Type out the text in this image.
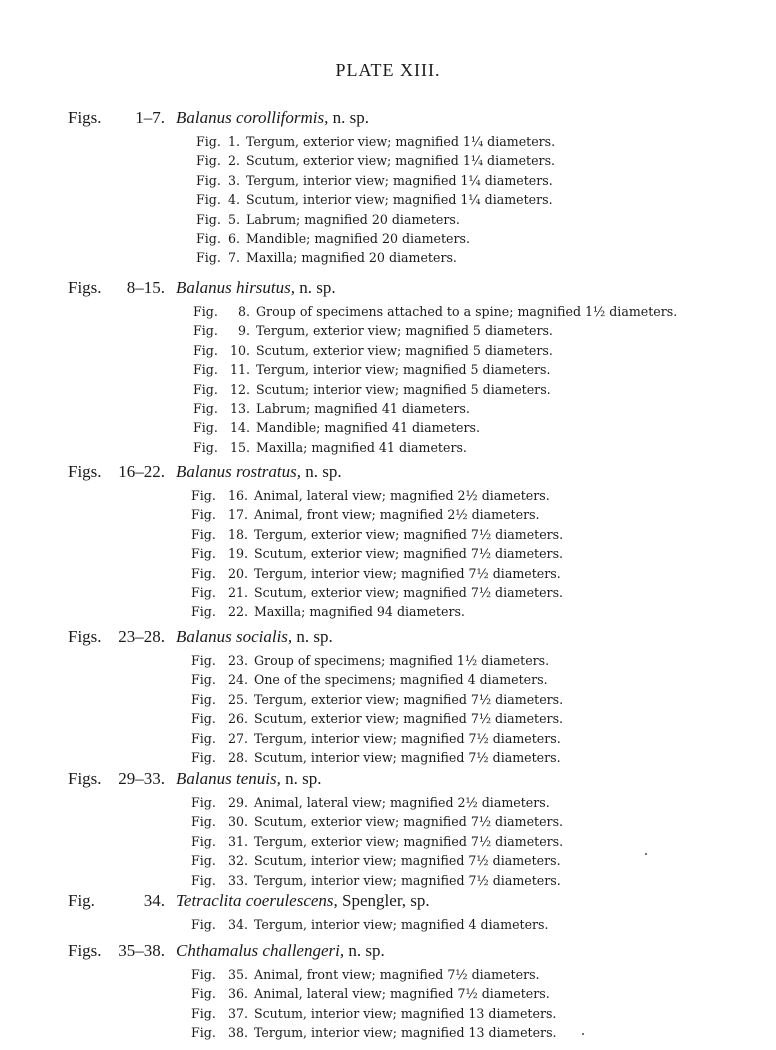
PLATE XIII.
Figs. 1–7. Balanus corolliformis, n. sp.
Fig. 1. Tergum, exterior view; magnified 1¼ diameters.
Fig. 2. Scutum, exterior view; magnified 1¼ diameters.
Fig. 3. Tergum, interior view; magnified 1¼ diameters.
Fig. 4. Scutum, interior view; magnified 1¼ diameters.
Fig. 5. Labrum; magnified 20 diameters.
Fig. 6. Mandible; magnified 20 diameters.
Fig. 7. Maxilla; magnified 20 diameters.
Figs. 8–15. Balanus hirsutus, n. sp.
Fig. 8. Group of specimens attached to a spine; magnified 1½ diameters.
Fig. 9. Tergum, exterior view; magnified 5 diameters.
Fig. 10. Scutum, exterior view; magnified 5 diameters.
Fig. 11. Tergum, interior view; magnified 5 diameters.
Fig. 12. Scutum; interior view; magnified 5 diameters.
Fig. 13. Labrum; magnified 41 diameters.
Fig. 14. Mandible; magnified 41 diameters.
Fig. 15. Maxilla; magnified 41 diameters.
Figs. 16–22. Balanus rostratus, n. sp.
Fig. 16. Animal, lateral view; magnified 2½ diameters.
Fig. 17. Animal, front view; magnified 2½ diameters.
Fig. 18. Tergum, exterior view; magnified 7½ diameters.
Fig. 19. Scutum, exterior view; magnified 7½ diameters.
Fig. 20. Tergum, interior view; magnified 7½ diameters.
Fig. 21. Scutum, exterior view; magnified 7½ diameters.
Fig. 22. Maxilla; magnified 94 diameters.
Figs. 23–28. Balanus socialis, n. sp.
Fig. 23. Group of specimens; magnified 1½ diameters.
Fig. 24. One of the specimens; magnified 4 diameters.
Fig. 25. Tergum, exterior view; magnified 7½ diameters.
Fig. 26. Scutum, exterior view; magnified 7½ diameters.
Fig. 27. Tergum, interior view; magnified 7½ diameters.
Fig. 28. Scutum, interior view; magnified 7½ diameters.
Figs. 29–33. Balanus tenuis, n. sp.
Fig. 29. Animal, lateral view; magnified 2½ diameters.
Fig. 30. Scutum, exterior view; magnified 7½ diameters.
Fig. 31. Tergum, exterior view; magnified 7½ diameters.
Fig. 32. Scutum, interior view; magnified 7½ diameters.
Fig. 33. Tergum, interior view; magnified 7½ diameters.
Fig.	34. Tetraclita coerulescens, Spengler, sp.
Fig. 34. Tergum, interior view; magnified 4 diameters.
Figs. 35–38. Chthamalus challengeri, n. sp.
Fig. 35. Animal, front view; magnified 7½ diameters.
Fig. 36. Animal, lateral view; magnified 7½ diameters.
Fig. 37. Scutum, interior view; magnified 13 diameters.
Fig. 38. Tergum, interior view; magnified 13 diameters.
